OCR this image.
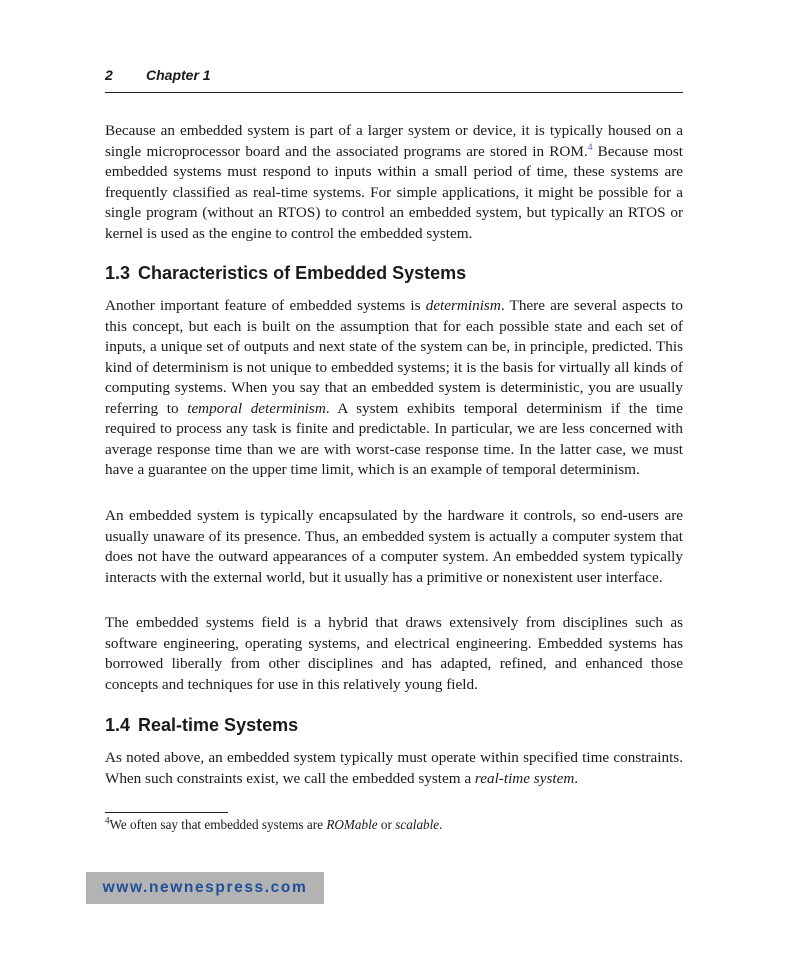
2 Chapter 1

Because an embedded system is part of a larger system or device, it is typically housed on a single microprocessor board and the associated programs are stored in ROM.$^4$ Because most embedded systems must respond to inputs within a small period of time, these systems are frequently classified as real-time systems. For simple applications, it might be possible for a single program (without an RTOS) to control an embedded system, but typically an RTOS or kernel is used as the engine to control the embedded system.

1.3 Characteristics of Embedded Systems

Another important feature of embedded systems is determinism. There are several aspects to this concept, but each is built on the assumption that for each possible state and each set of inputs, a unique set of outputs and next state of the system can be, in principle, predicted. This kind of determinism is not unique to embedded systems; it is the basis for virtually all kinds of computing systems. When you say that an embedded system is deterministic, you are usually referring to temporal determinism. A system exhibits temporal determinism if the time required to process any task is finite and predictable. In particular, we are less concerned with average response time than we are with worst-case response time. In the latter case, we must have a guarantee on the upper time limit, which is an example of temporal determinism.

An embedded system is typically encapsulated by the hardware it controls, so end-users are usually unaware of its presence. Thus, an embedded system is actually a computer system that does not have the outward appearances of a computer system. An embedded system typically interacts with the external world, but it usually has a primitive or nonexistent user interface.

The embedded systems field is a hybrid that draws extensively from disciplines such as software engineering, operating systems, and electrical engineering. Embedded systems has borrowed liberally from other disciplines and has adapted, refined, and enhanced those concepts and techniques for use in this relatively young field.

1.4 Real-time Systems

As noted above, an embedded system typically must operate within specified time constraints. When such constraints exist, we call the embedded system a real-time system.

$^4$We often say that embedded systems are ROMable or scalable.

www.newnespress.com
